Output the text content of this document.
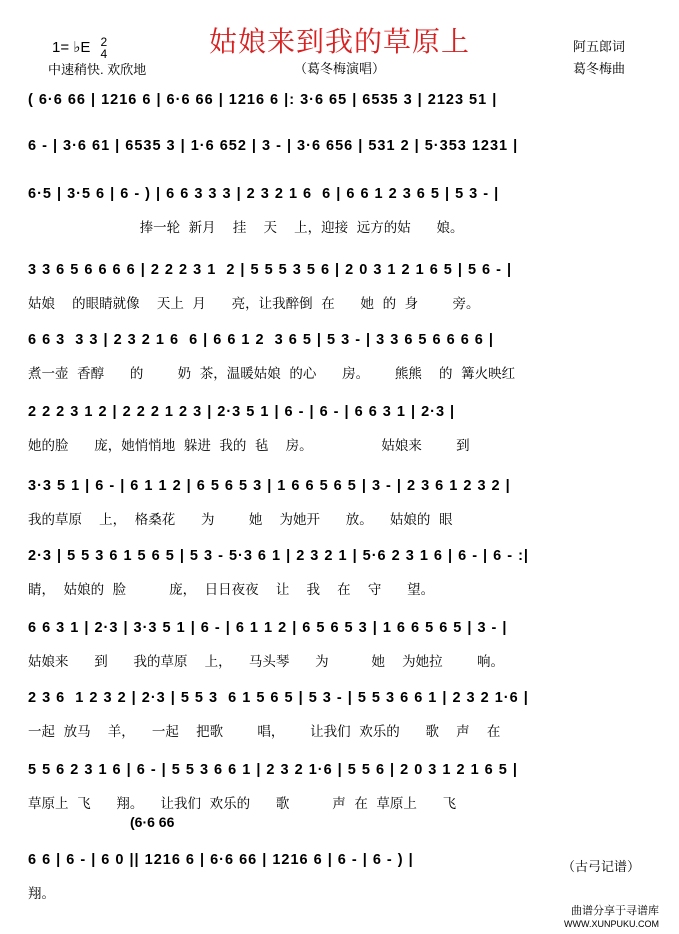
姑娘来到我的草原上
1= ♭E 2
4
中速稍快. 欢欣地	（葛冬梅演唱）
阿五郎词
葛冬梅曲
( 6·6 66 | 1216 6 | 6·6 66 | 1216 6 |: 3·6 65 | 6535 3 | 2123 51 |
6 - | 3·6 61 | 6535 3 | 1·6 652 | 3 - | 3·6 656 | 531 2 | 5·353 1231 |
6·5 | 3·5 6 | 6 - ) | 6 6 3 3 3 | 2 3 2 1 6  6 | 6 6 1 2 3 6 5 | 5 3 - |
捧一轮  新月    挂    天    上，迎接  远方的姑      娘。
3 3 6 5 6 6 6 6 | 2 2 2 3 1  2 | 5 5 5 3 5 6 | 2 0 3 1 2 1 6 5 | 5 6 - |
姑娘    的眼睛就像    天上  月      亮，让我醉倒  在      她  的  身        旁。
6 6 3  3 3 | 2 3 2 1 6  6 | 6 6 1 2  3 6 5 | 5 3 - | 3 3 6 5 6 6 6 6 |
煮一壶  香醇      的        奶  茶，温暖姑娘  的心      房。      熊熊    的  篝火映红
2 2 2 3 1 2 | 2 2 2 1 2 3 | 2·3 5 1 | 6 - | 6 - | 6 6 3 1 | 2·3 |
她的脸      庞，她悄悄地  躲进  我的  毡    房。                姑娘来        到
3·3 5 1 | 6 - | 6 1 1 2 | 6 5 6 5 3 | 1 6 6 5 6 5 | 3 - | 2 3 6 1 2 3 2 |
我的草原    上，  格桑花      为        她    为她开      放。    姑娘的  眼
2·3 | 5 5 3 6 1 5 6 5 | 5 3 - 5·3 6 1 | 2 3 2 1 | 5·6 2 3 1 6 | 6 - | 6 - :|
睛，  姑娘的  脸          庞，  日日夜夜    让    我    在    守      望。
6 6 3 1 | 2·3 | 3·3 5 1 | 6 - | 6 1 1 2 | 6 5 6 5 3 | 1 6 6 5 6 5 | 3 - |
姑娘来      到      我的草原    上，    马头琴      为          她    为她拉        响。
2 3 6  1 2 3 2 | 2·3 | 5 5 3  6 1 5 6 5 | 5 3 - | 5 5 3 6 6 1 | 2 3 2 1·6 |
一起  放马    羊，    一起    把歌        唱，      让我们  欢乐的      歌    声    在
5 5 6 2 3 1 6 | 6 - | 5 5 3 6 6 1 | 2 3 2 1·6 | 5 5 6 | 2 0 3 1 2 1 6 5 |
草原上  飞      翔。    让我们  欢乐的      歌          声  在  草原上      飞
6 6 | 6 - | 6 0 || 1216 6 | 6·6 66 | 1216 6 | 6 - | 6 - ) |
翔。
(6·6 66
（古弓记谱）
曲谱分享于寻谱库
WWW.XUNPUKU.COM
